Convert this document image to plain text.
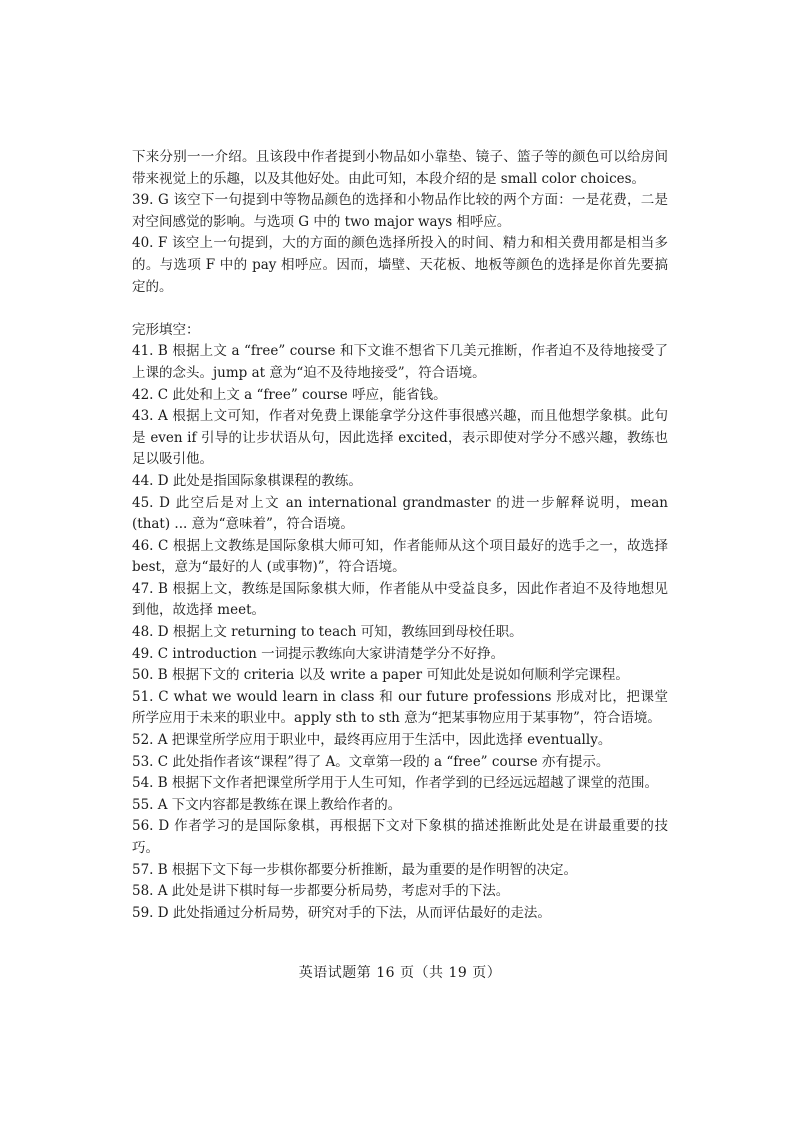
下来分别一一介绍。且该段中作者提到小物品如小靠垫、镜子、篮子等的颜色可以给房间带来视觉上的乐趣，以及其他好处。由此可知，本段介绍的是 small color choices。

39. G 该空下一句提到中等物品颜色的选择和小物品作比较的两个方面：一是花费，二是对空间感觉的影响。与选项 G 中的 two major ways 相呼应。

40. F 该空上一句提到，大的方面的颜色选择所投入的时间、精力和相关费用都是相当多的。与选项 F 中的 pay 相呼应。因而，墙壁、天花板、地板等颜色的选择是你首先要搞定的。

完形填空：

41. B 根据上文 a “free” course 和下文谁不想省下几美元推断，作者迫不及待地接受了上课的念头。jump at 意为“迫不及待地接受”，符合语境。

42. C 此处和上文 a “free” course 呼应，能省钱。

43. A 根据上文可知，作者对免费上课能拿学分这件事很感兴趣，而且他想学象棋。此句是 even if 引导的让步状语从句，因此选择 excited，表示即使对学分不感兴趣，教练也足以吸引他。

44. D 此处是指国际象棋课程的教练。

45. D 此空后是对上文 an international grandmaster 的进一步解释说明，mean (that) ... 意为“意味着”，符合语境。

46. C 根据上文教练是国际象棋大师可知，作者能师从这个项目最好的选手之一，故选择 best，意为“最好的人 (或事物)”，符合语境。

47. B 根据上文，教练是国际象棋大师，作者能从中受益良多，因此作者迫不及待地想见到他，故选择 meet。

48. D 根据上文 returning to teach 可知，教练回到母校任职。

49. C introduction 一词提示教练向大家讲清楚学分不好挣。

50. B 根据下文的 criteria 以及 write a paper 可知此处是说如何顺利学完课程。

51. C what we would learn in class 和 our future professions 形成对比，把课堂所学应用于未来的职业中。apply sth to sth 意为“把某事物应用于某事物”，符合语境。

52. A 把课堂所学应用于职业中，最终再应用于生活中，因此选择 eventually。

53. C 此处指作者该“课程”得了 A。文章第一段的 a “free” course 亦有提示。

54. B 根据下文作者把课堂所学用于人生可知，作者学到的已经远远超越了课堂的范围。

55. A 下文内容都是教练在课上教给作者的。

56. D 作者学习的是国际象棋，再根据下文对下象棋的描述推断此处是在讲最重要的技巧。

57. B 根据下文下每一步棋你都要分析推断，最为重要的是作明智的决定。

58. A 此处是讲下棋时每一步都要分析局势，考虑对手的下法。

59. D 此处指通过分析局势，研究对手的下法，从而评估最好的走法。

英语试题第 16 页（共 19 页）
